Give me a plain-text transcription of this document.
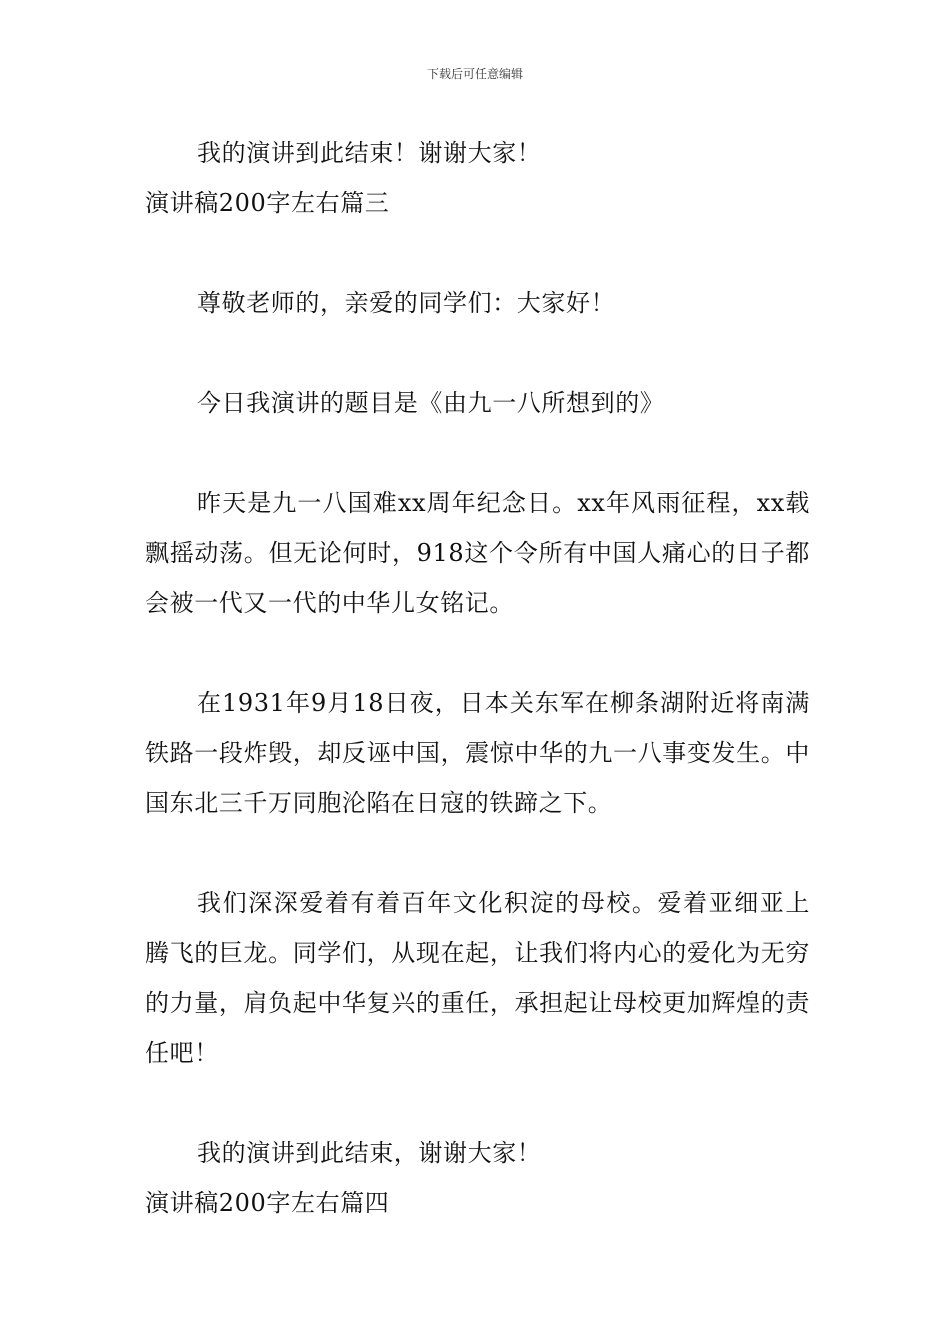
下载后可任意编辑

我的演讲到此结束！谢谢大家！

演讲稿200字左右篇三

尊敬老师的，亲爱的同学们：大家好！

今日我演讲的题目是《由九一八所想到的》

昨天是九一八国难xx周年纪念日。xx年风雨征程，xx载飘摇动荡。但无论何时，918这个令所有中国人痛心的日子都会被一代又一代的中华儿女铭记。

在1931年9月18日夜，日本关东军在柳条湖附近将南满铁路一段炸毁，却反诬中国，震惊中华的九一八事变发生。中国东北三千万同胞沦陷在日寇的铁蹄之下。

我们深深爱着有着百年文化积淀的母校。爱着亚细亚上腾飞的巨龙。同学们，从现在起，让我们将内心的爱化为无穷的力量，肩负起中华复兴的重任，承担起让母校更加辉煌的责任吧！

我的演讲到此结束，谢谢大家！

演讲稿200字左右篇四
